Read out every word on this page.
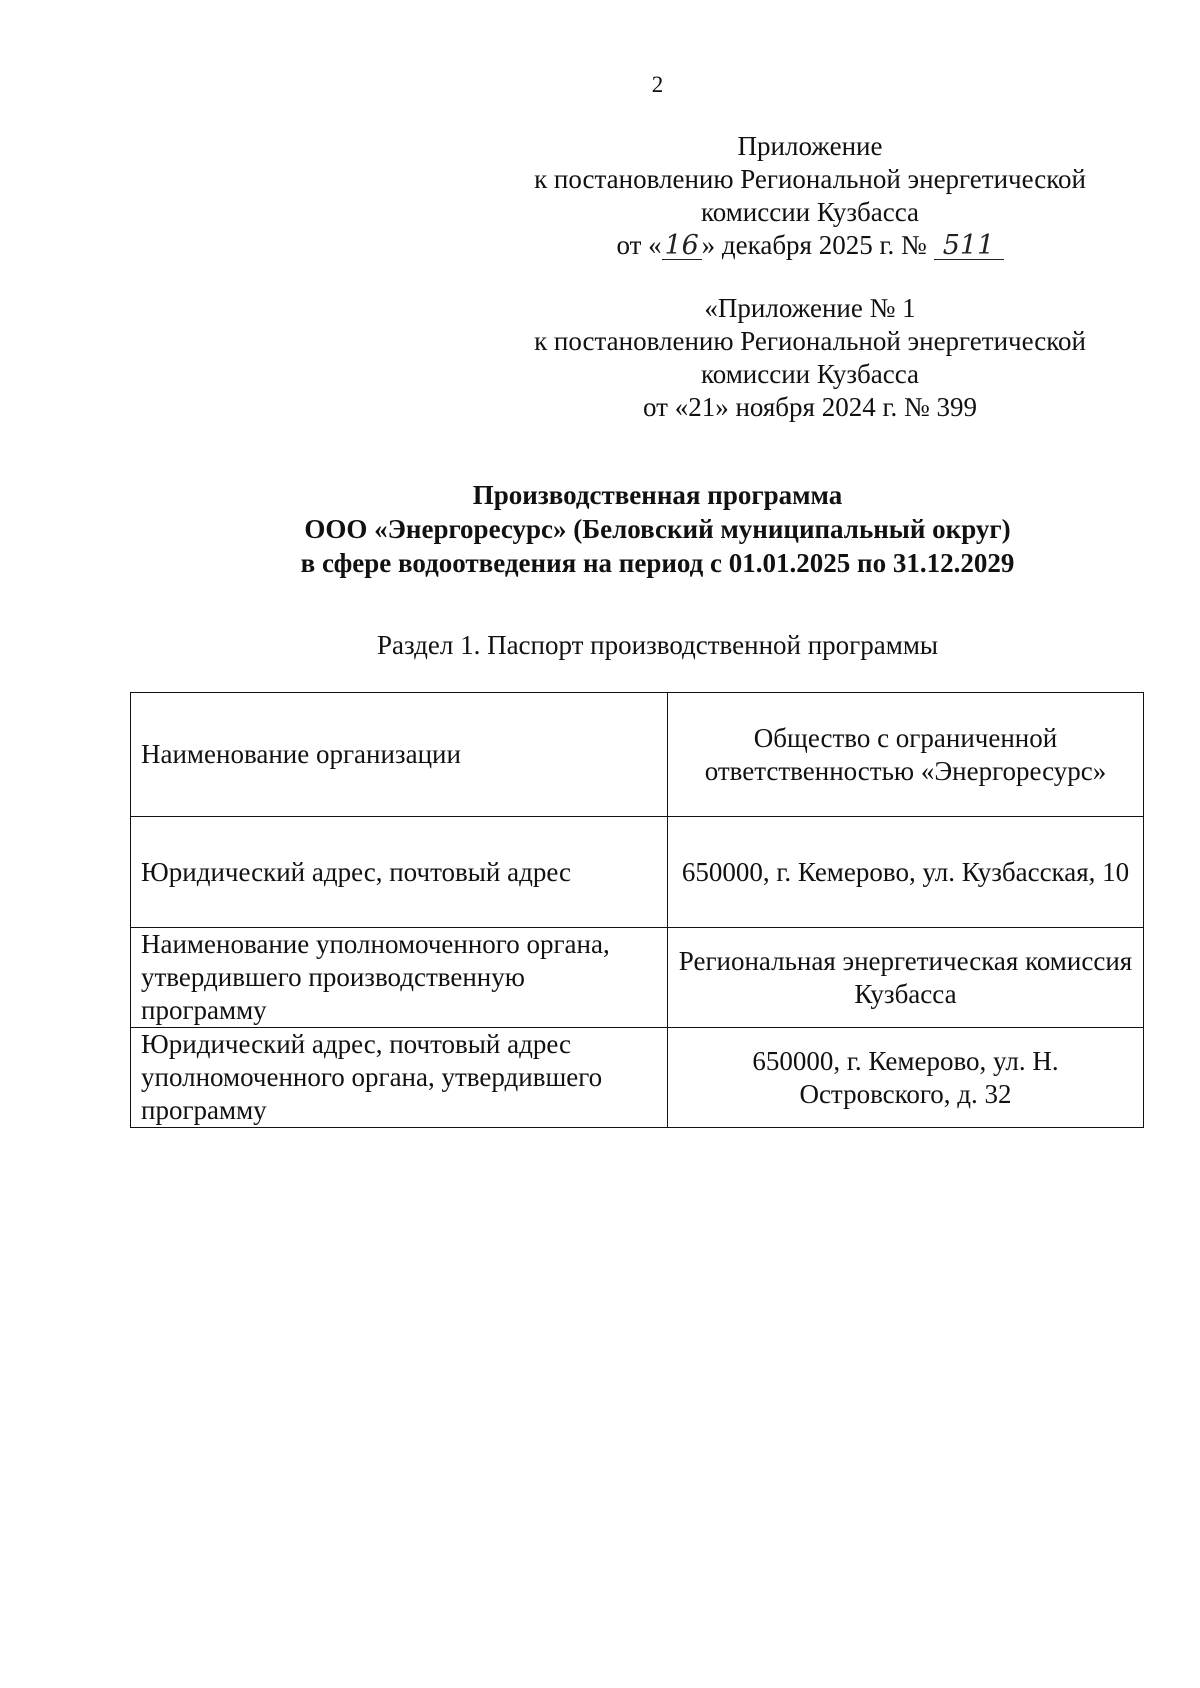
2
Приложение
к постановлению Региональной энергетической
комиссии Кузбасса
от « 16 » декабря 2025 г. № 511
«Приложение № 1
к постановлению Региональной энергетической
комиссии Кузбасса
от «21» ноября 2024 г. № 399
Производственная программа
ООО «Энергоресурс» (Беловский муниципальный округ)
в сфере водоотведения на период с 01.01.2025 по 31.12.2029
Раздел 1. Паспорт производственной программы
Наименование организации	Общество с ограниченной ответственностью «Энергоресурс»
Юридический адрес, почтовый адрес	650000, г. Кемерово, ул. Кузбасская, 10
Наименование уполномоченного органа, утвердившего производственную программу	Региональная энергетическая комиссия Кузбасса
Юридический адрес, почтовый адрес уполномоченного органа, утвердившего программу	650000, г. Кемерово, ул. Н. Островского, д. 32
